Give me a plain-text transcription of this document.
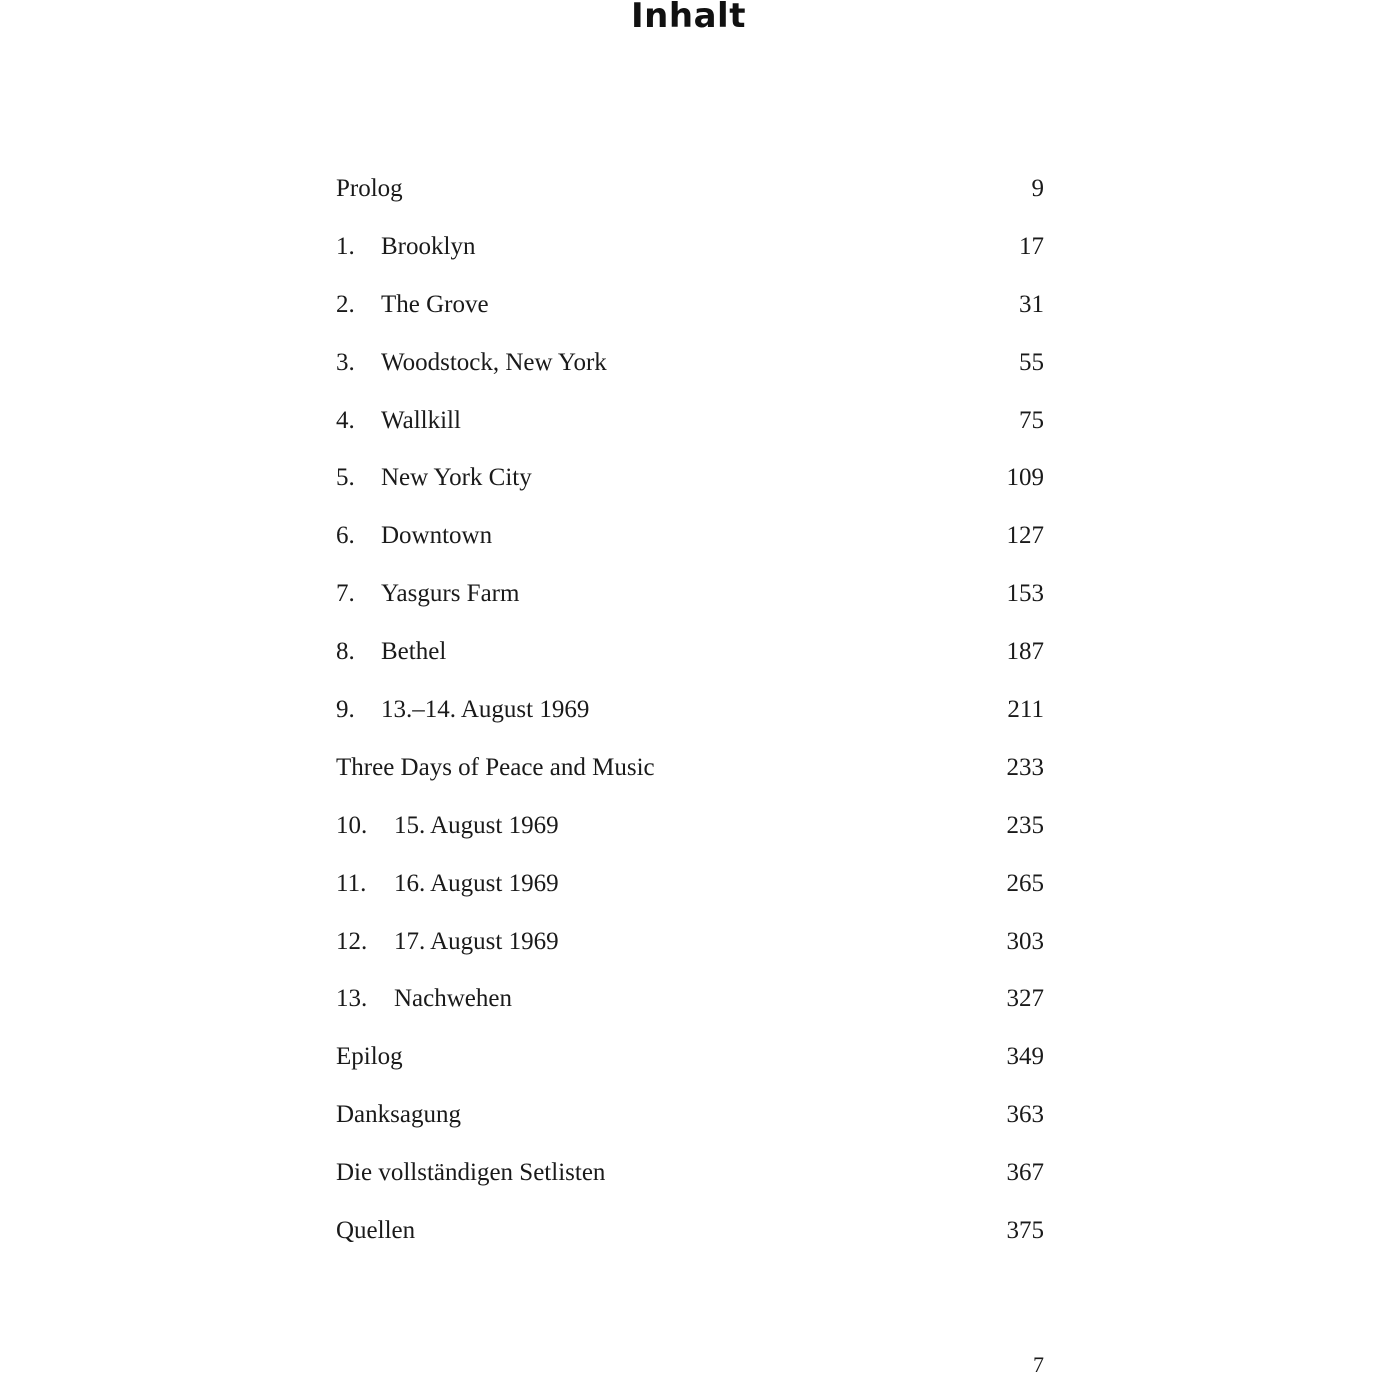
Inhalt
Prolog	9
1. Brooklyn	17
2. The Grove	31
3. Woodstock, New York	55
4. Wallkill	75
5. New York City	109
6. Downtown	127
7. Yasgurs Farm	153
8. Bethel	187
9. 13.–14. August 1969	211
Three Days of Peace and Music	233
10. 15. August 1969	235
11. 16. August 1969	265
12. 17. August 1969	303
13. Nachwehen	327
Epilog	349
Danksagung	363
Die vollständigen Setlisten	367
Quellen	375
7
